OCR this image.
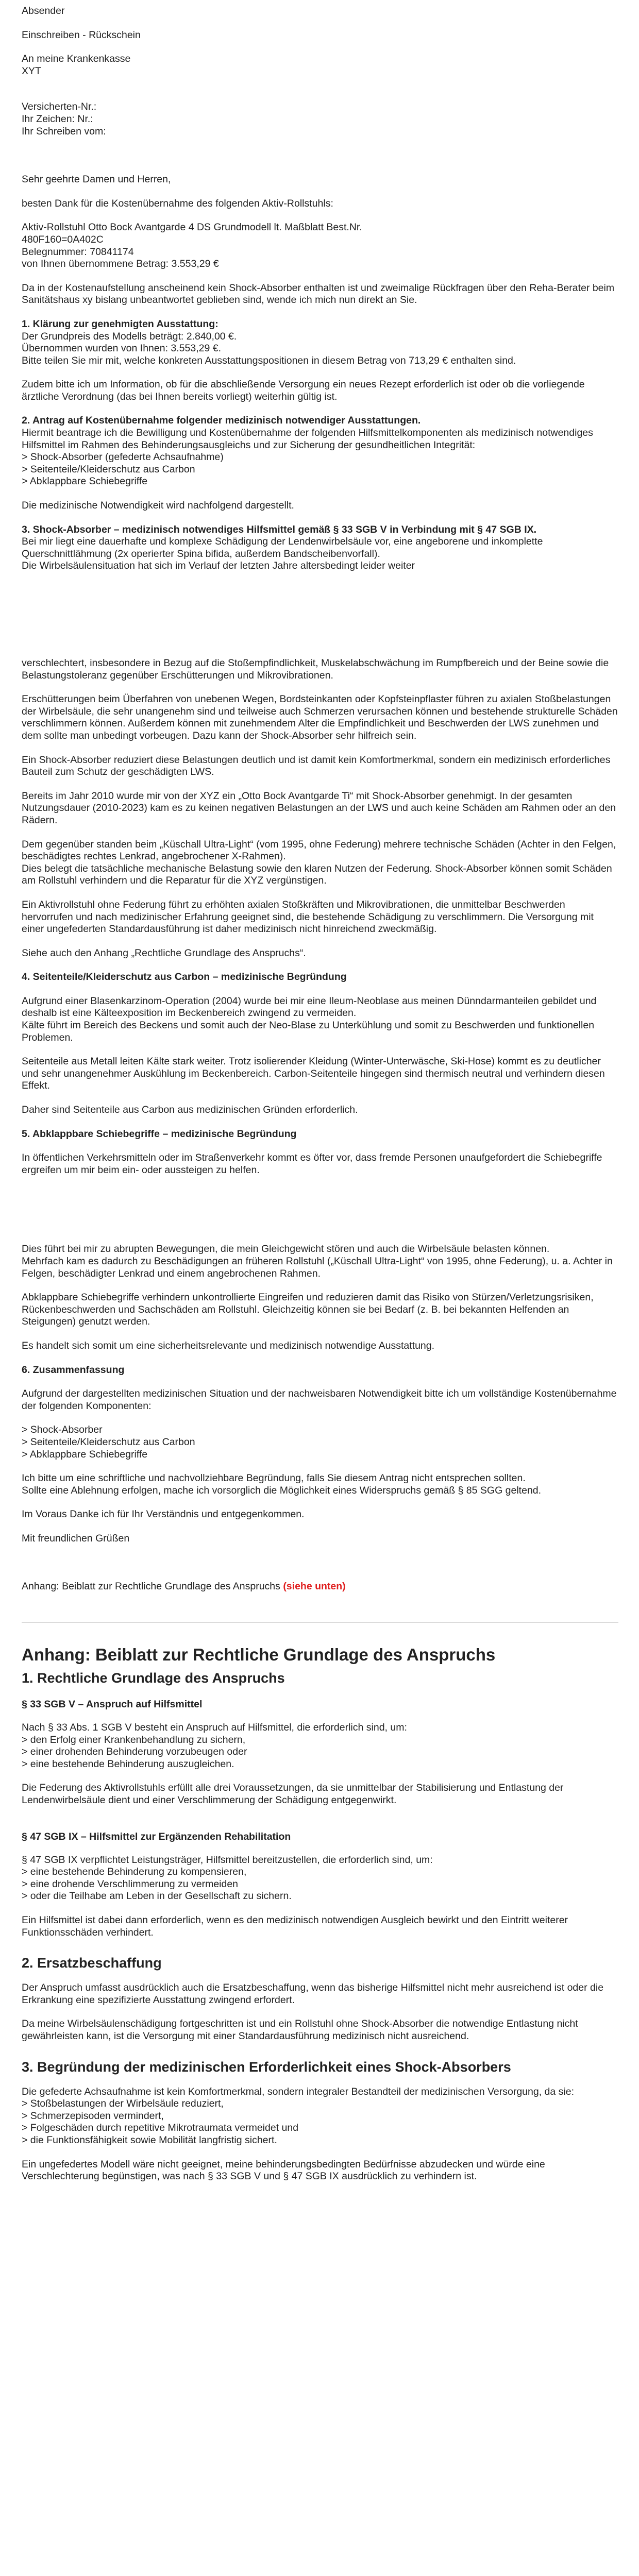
Absender

Einschreiben - Rückschein

An meine Krankenkasse

XYT

Versicherten-Nr.:

Ihr Zeichen: Nr.:

Ihr Schreiben vom:

Sehr geehrte Damen und Herren,

besten Dank für die Kostenübernahme des folgenden Aktiv-Rollstuhls:

Aktiv-Rollstuhl Otto Bock Avantgarde 4 DS Grundmodell lt. Maßblatt Best.Nr.

480F160=0A402C

Belegnummer: 70841174

von Ihnen übernommene Betrag: 3.553,29 €

Da in der Kostenaufstellung anscheinend kein Shock-Absorber enthalten ist und zweimalige Rückfragen über den Reha-Berater beim Sanitätshaus xy bislang unbeantwortet geblieben sind, wende ich mich nun direkt an Sie.

1. Klärung zur genehmigten Ausstattung:

Der Grundpreis des Modells beträgt: 2.840,00 €.

Übernommen wurden von Ihnen: 3.553,29 €.

Bitte teilen Sie mir mit, welche konkreten Ausstattungspositionen in diesem Betrag von 713,29 € enthalten sind.

Zudem bitte ich um Information, ob für die abschließende Versorgung ein neues Rezept erforderlich ist oder ob die vorliegende ärztliche Verordnung (das bei Ihnen bereits vorliegt) weiterhin gültig ist.

2. Antrag auf Kostenübernahme folgender medizinisch notwendiger Ausstattungen.

Hiermit beantrage ich die Bewilligung und Kostenübernahme der folgenden Hilfsmittelkomponenten als medizinisch notwendiges Hilfsmittel im Rahmen des Behinderungsausgleichs und zur Sicherung der gesundheitlichen Integrität:

> Shock-Absorber (gefederte Achsaufnahme)

> Seitenteile/Kleiderschutz aus Carbon

> Abklappbare Schiebegriffe

Die medizinische Notwendigkeit wird nachfolgend dargestellt.

3. Shock-Absorber – medizinisch notwendiges Hilfsmittel gemäß § 33 SGB V in Verbindung mit § 47 SGB IX.

Bei mir liegt eine dauerhafte und komplexe Schädigung der Lendenwirbelsäule vor, eine angeborene und inkomplette Querschnittlähmung (2x operierter Spina bifida, außerdem Bandscheibenvorfall).

Die Wirbelsäulensituation hat sich im Verlauf der letzten Jahre altersbedingt leider weiter

verschlechtert, insbesondere in Bezug auf die Stoßempfindlichkeit, Muskelabschwächung im Rumpfbereich und der Beine sowie die Belastungstoleranz gegenüber Erschütterungen und Mikrovibrationen.

Erschütterungen beim Überfahren von unebenen Wegen, Bordsteinkanten oder Kopfsteinpflaster führen zu axialen Stoßbelastungen der Wirbelsäule, die sehr unangenehm sind und teilweise auch Schmerzen verursachen können und bestehende strukturelle Schäden verschlimmern können. Außerdem können mit zunehmendem Alter die Empfindlichkeit und Beschwerden der LWS zunehmen und dem sollte man unbedingt vorbeugen. Dazu kann der Shock-Absorber sehr hilfreich sein.

Ein Shock-Absorber reduziert diese Belastungen deutlich und ist damit kein Komfortmerkmal, sondern ein medizinisch erforderliches Bauteil zum Schutz der geschädigten LWS.

Bereits im Jahr 2010 wurde mir von der XYZ ein „Otto Bock Avantgarde Ti“ mit Shock-Absorber genehmigt. In der gesamten Nutzungsdauer (2010-2023) kam es zu keinen negativen Belastungen an der LWS und auch keine Schäden am Rahmen oder an den Rädern.

Dem gegenüber standen beim „Küschall Ultra-Light“ (vom 1995, ohne Federung) mehrere technische Schäden (Achter in den Felgen, beschädigtes rechtes Lenkrad, angebrochener X-Rahmen).

Dies belegt die tatsächliche mechanische Belastung sowie den klaren Nutzen der Federung. Shock-Absorber können somit Schäden am Rollstuhl verhindern und die Reparatur für die XYZ vergünstigen.

Ein Aktivrollstuhl ohne Federung führt zu erhöhten axialen Stoßkräften und Mikrovibrationen, die unmittelbar Beschwerden hervorrufen und nach medizinischer Erfahrung geeignet sind, die bestehende Schädigung zu verschlimmern. Die Versorgung mit einer ungefederten Standardausführung ist daher medizinisch nicht hinreichend zweckmäßig.

Siehe auch den Anhang „Rechtliche Grundlage des Anspruchs“.

4. Seitenteile/Kleiderschutz aus Carbon – medizinische Begründung

Aufgrund einer Blasenkarzinom-Operation (2004) wurde bei mir eine Ileum-Neoblase aus meinen Dünndarmanteilen gebildet und deshalb ist eine Kälteexposition im Beckenbereich zwingend zu vermeiden.

Kälte führt im Bereich des Beckens und somit auch der Neo-Blase zu Unterkühlung und somit zu Beschwerden und funktionellen Problemen.

Seitenteile aus Metall leiten Kälte stark weiter. Trotz isolierender Kleidung (Winter-Unterwäsche, Ski-Hose) kommt es zu deutlicher und sehr unangenehmer Auskühlung im Beckenbereich. Carbon-Seitenteile hingegen sind thermisch neutral und verhindern diesen Effekt.

Daher sind Seitenteile aus Carbon aus medizinischen Gründen erforderlich.

5. Abklappbare Schiebegriffe – medizinische Begründung

In öffentlichen Verkehrsmitteln oder im Straßenverkehr kommt es öfter vor, dass fremde Personen unaufgefordert die Schiebegriffe ergreifen um mir beim ein- oder aussteigen zu helfen.

Dies führt bei mir zu abrupten Bewegungen, die mein Gleichgewicht stören und auch die Wirbelsäule belasten können.

Mehrfach kam es dadurch zu Beschädigungen an früheren Rollstuhl („Küschall Ultra-Light“ von 1995, ohne Federung), u. a. Achter in Felgen, beschädigter Lenkrad und einem angebrochenen Rahmen.

Abklappbare Schiebegriffe verhindern unkontrollierte Eingreifen und reduzieren damit das Risiko von Stürzen/Verletzungsrisiken, Rückenbeschwerden und Sachschäden am Rollstuhl. Gleichzeitig können sie bei Bedarf (z. B. bei bekannten Helfenden an Steigungen) genutzt werden.

Es handelt sich somit um eine sicherheitsrelevante und medizinisch notwendige Ausstattung.

6. Zusammenfassung

Aufgrund der dargestellten medizinischen Situation und der nachweisbaren Notwendigkeit bitte ich um vollständige Kostenübernahme der folgenden Komponenten:

> Shock-Absorber

> Seitenteile/Kleiderschutz aus Carbon

> Abklappbare Schiebegriffe

Ich bitte um eine schriftliche und nachvollziehbare Begründung, falls Sie diesem Antrag nicht entsprechen sollten.

Sollte eine Ablehnung erfolgen, mache ich vorsorglich die Möglichkeit eines Widerspruchs gemäß § 85 SGG geltend.

Im Voraus Danke ich für Ihr Verständnis und entgegenkommen.

Mit freundlichen Grüßen

Anhang: Beiblatt zur Rechtliche Grundlage des Anspruchs (siehe unten)

Anhang: Beiblatt zur Rechtliche Grundlage des Anspruchs
1. Rechtliche Grundlage des Anspruchs
§ 33 SGB V – Anspruch auf Hilfsmittel

Nach § 33 Abs. 1 SGB V besteht ein Anspruch auf Hilfsmittel, die erforderlich sind, um:

> den Erfolg einer Krankenbehandlung zu sichern,

> einer drohenden Behinderung vorzubeugen oder

> eine bestehende Behinderung auszugleichen.

Die Federung des Aktivrollstuhls erfüllt alle drei Voraussetzungen, da sie unmittelbar der Stabilisierung und Entlastung der Lendenwirbelsäule dient und einer Verschlimmerung der Schädigung entgegenwirkt.

§ 47 SGB IX – Hilfsmittel zur Ergänzenden Rehabilitation

§ 47 SGB IX verpflichtet Leistungsträger, Hilfsmittel bereitzustellen, die erforderlich sind, um:

> eine bestehende Behinderung zu kompensieren,

> eine drohende Verschlimmerung zu vermeiden

> oder die Teilhabe am Leben in der Gesellschaft zu sichern.

Ein Hilfsmittel ist dabei dann erforderlich, wenn es den medizinisch notwendigen Ausgleich bewirkt und den Eintritt weiterer Funktionsschäden verhindert.

2. Ersatzbeschaffung

Der Anspruch umfasst ausdrücklich auch die Ersatzbeschaffung, wenn das bisherige Hilfsmittel nicht mehr ausreichend ist oder die Erkrankung eine spezifizierte Ausstattung zwingend erfordert.

Da meine Wirbelsäulenschädigung fortgeschritten ist und ein Rollstuhl ohne Shock-Absorber die notwendige Entlastung nicht gewährleisten kann, ist die Versorgung mit einer Standardausführung medizinisch nicht ausreichend.

3. Begründung der medizinischen Erforderlichkeit eines Shock-Absorbers

Die gefederte Achsaufnahme ist kein Komfortmerkmal, sondern integraler Bestandteil der medizinischen Versorgung, da sie:

> Stoßbelastungen der Wirbelsäule reduziert,

> Schmerzepisoden vermindert,

> Folgeschäden durch repetitive Mikrotraumata vermeidet und

> die Funktionsfähigkeit sowie Mobilität langfristig sichert.

Ein ungefedertes Modell wäre nicht geeignet, meine behinderungsbedingten Bedürfnisse abzudecken und würde eine Verschlechterung begünstigen, was nach § 33 SGB V und § 47 SGB IX ausdrücklich zu verhindern ist.
